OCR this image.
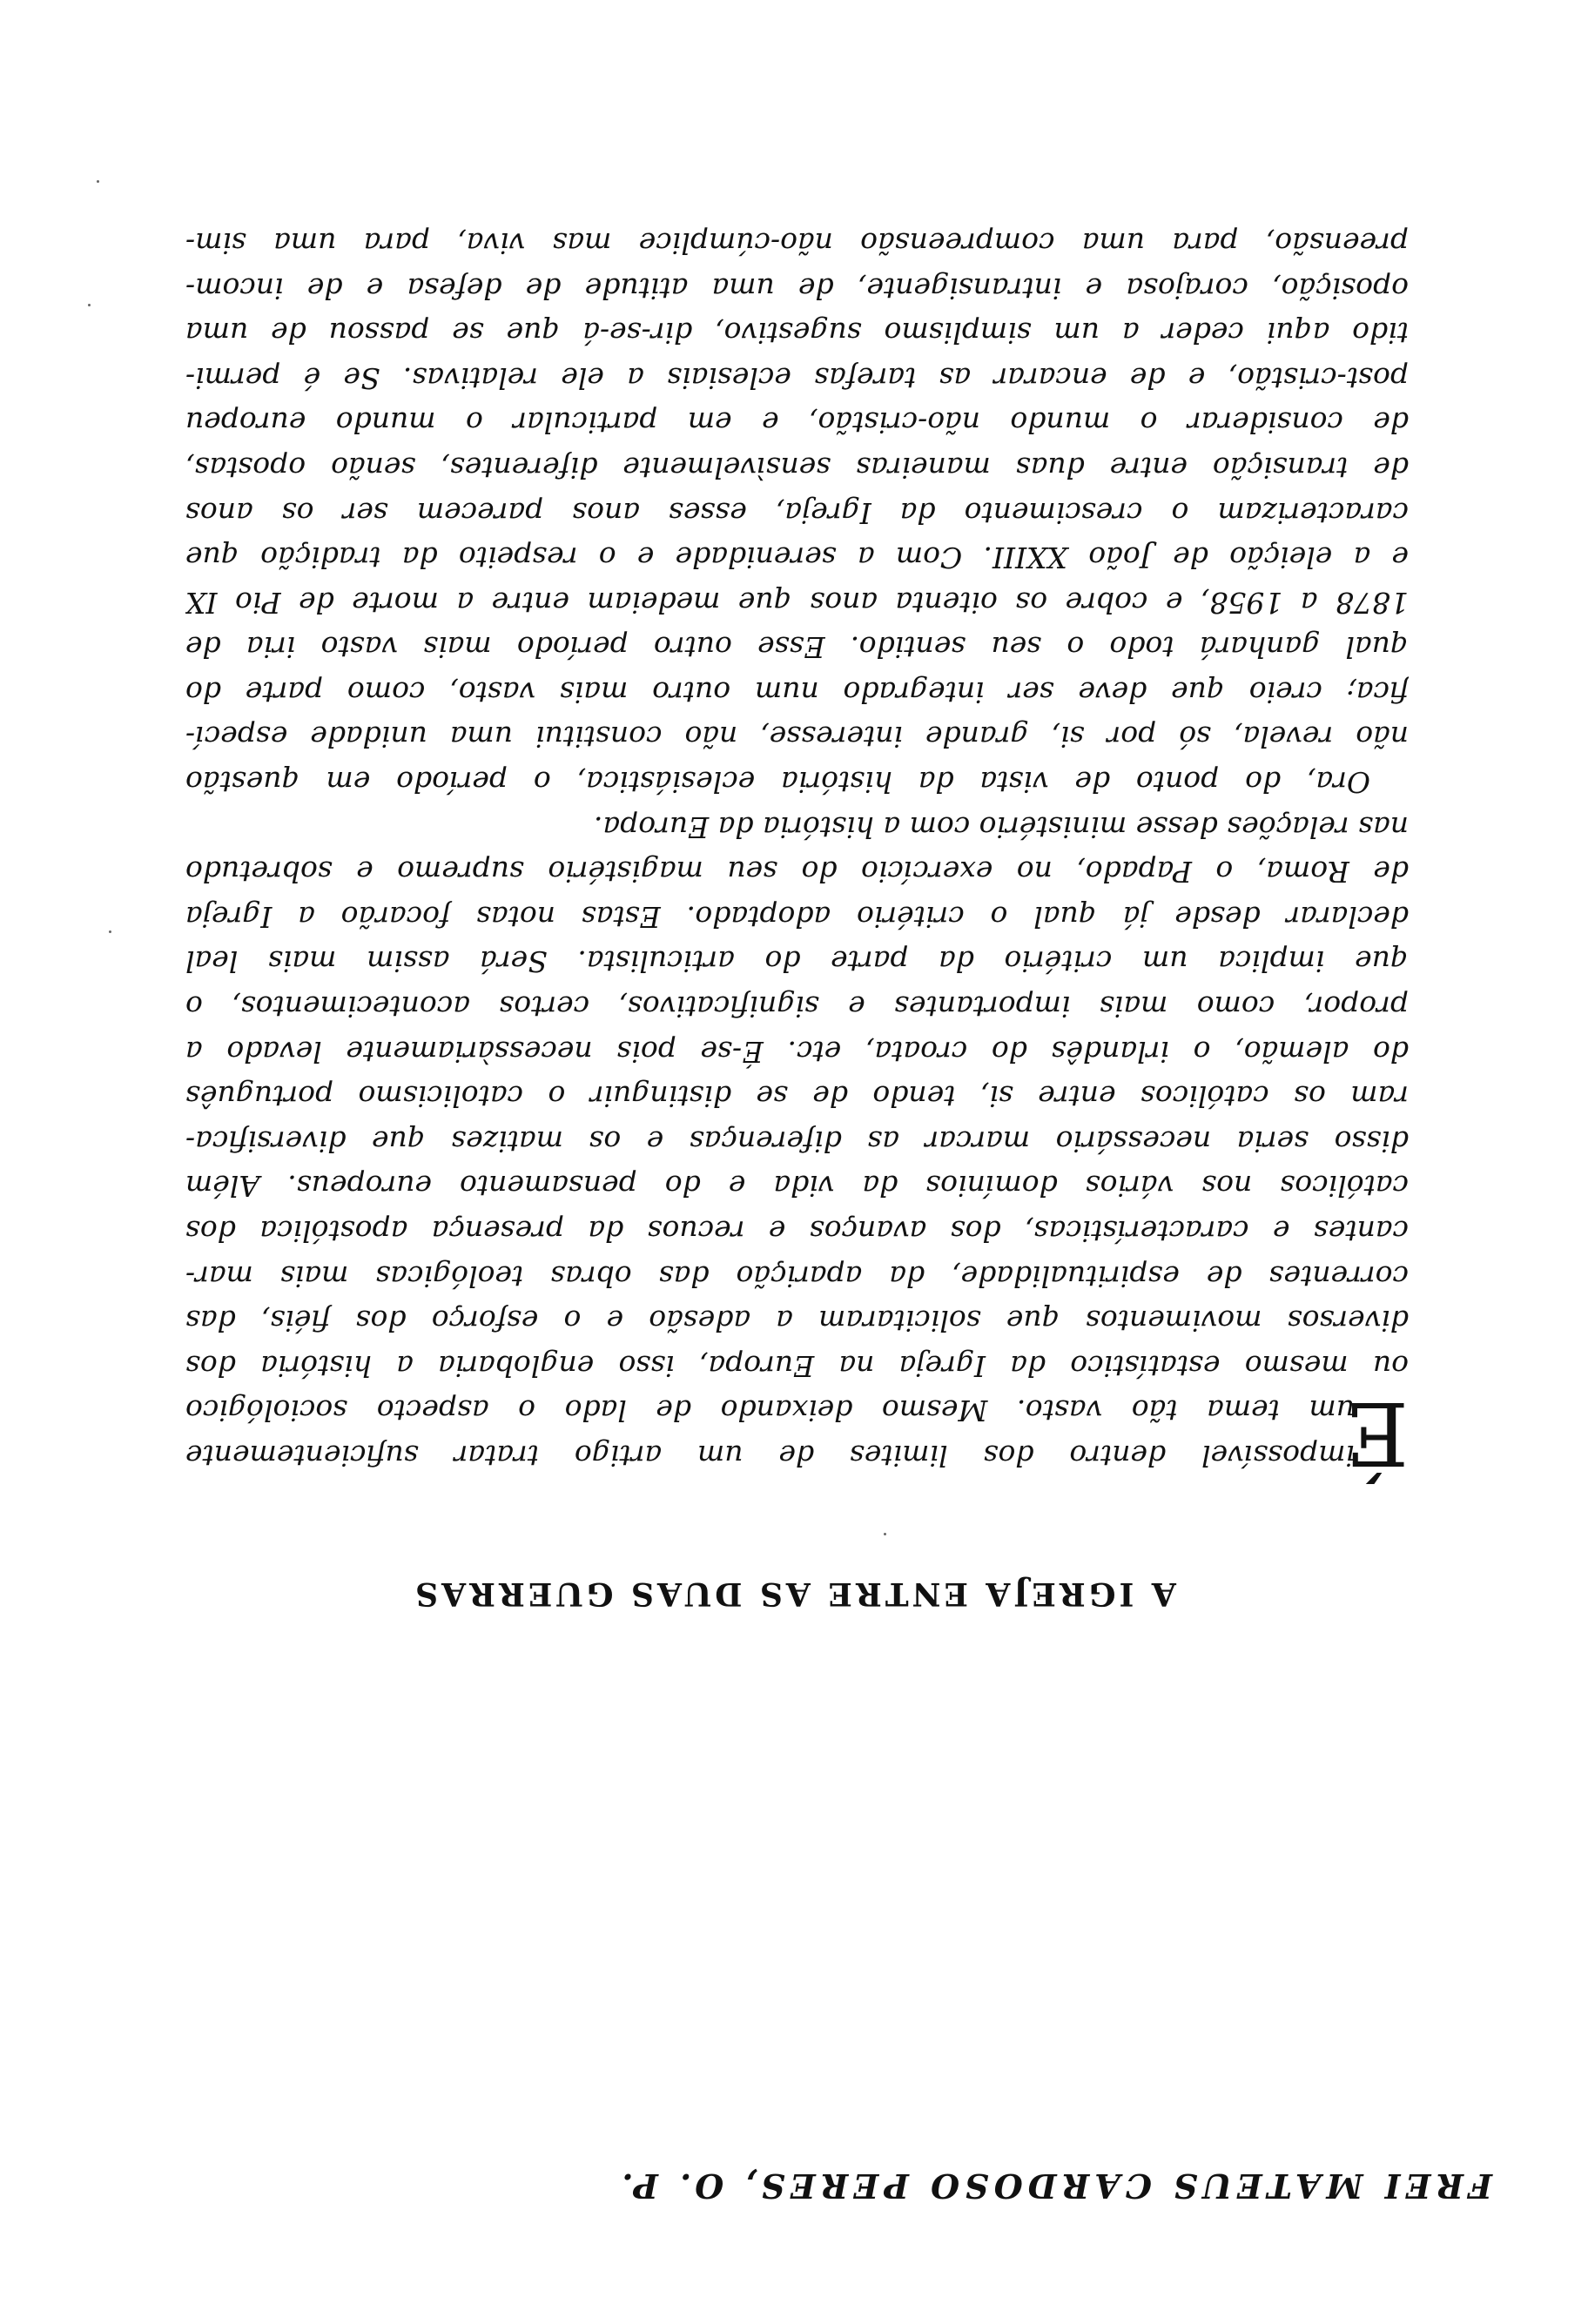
FREI MATEUS CARDOSO PERES, O. P.
A IGREJA ENTRE AS DUAS GUERRAS
É
impossível dentro dos limites de um artigo tratar suficientemente
um tema tão vasto. Mesmo deixando de lado o aspecto sociológico
ou mesmo estatístico da Igreja na Europa, isso englobaria a história dos
diversos movimentos que solicitaram a adesão e o esforço dos fiéis, das
correntes de espiritualidade, da aparição das obras teológicas mais mar-
cantes e características, dos avanços e recuos da presença apostólica dos
católicos nos vários domínios da vida e do pensamento europeus. Além
disso seria necessário marcar as diferenças e os matizes que diversifica-
ram os católicos entre si, tendo de se distinguir o catolicismo português
do alemão, o irlandês do croata, etc. É-se pois necessàriamente levado a
propor, como mais importantes e significativos, certos acontecimentos, o
que implica um critério da parte do articulista. Será assim mais leal
declarar desde já qual o critério adoptado. Estas notas focarão a Igreja
de Roma, o Papado, no exercício do seu magistério supremo e sobretudo
nas relações desse ministério com a história da Europa.
Ora, do ponto de vista da história eclesiástica, o período em questão
não revela, só por si, grande interesse, não constitui uma unidade especí-
fica; creio que deve ser integrado num outro mais vasto, como parte do
qual ganhará todo o seu sentido. Esse outro período mais vasto iria de
1878 a 1958, e cobre os oitenta anos que medeiam entre a morte de Pio IX
e a eleição de João XXIII. Com a serenidade e o respeito da tradição que
caracterizam o crescimento da Igreja, esses anos parecem ser os anos
de transição entre duas maneiras sensìvelmente diferentes, senão opostas,
de considerar o mundo não-cristão, e em particular o mundo europeu
post-cristão, e de encarar as tarefas eclesiais a ele relativas. Se é permi-
tido aqui ceder a um simplismo sugestivo, dir-se-á que se passou de uma
oposição, corajosa e intransigente, de uma atitude de defesa e de incom-
preensão, para uma compreensão não-cúmplice mas viva, para uma sim-
